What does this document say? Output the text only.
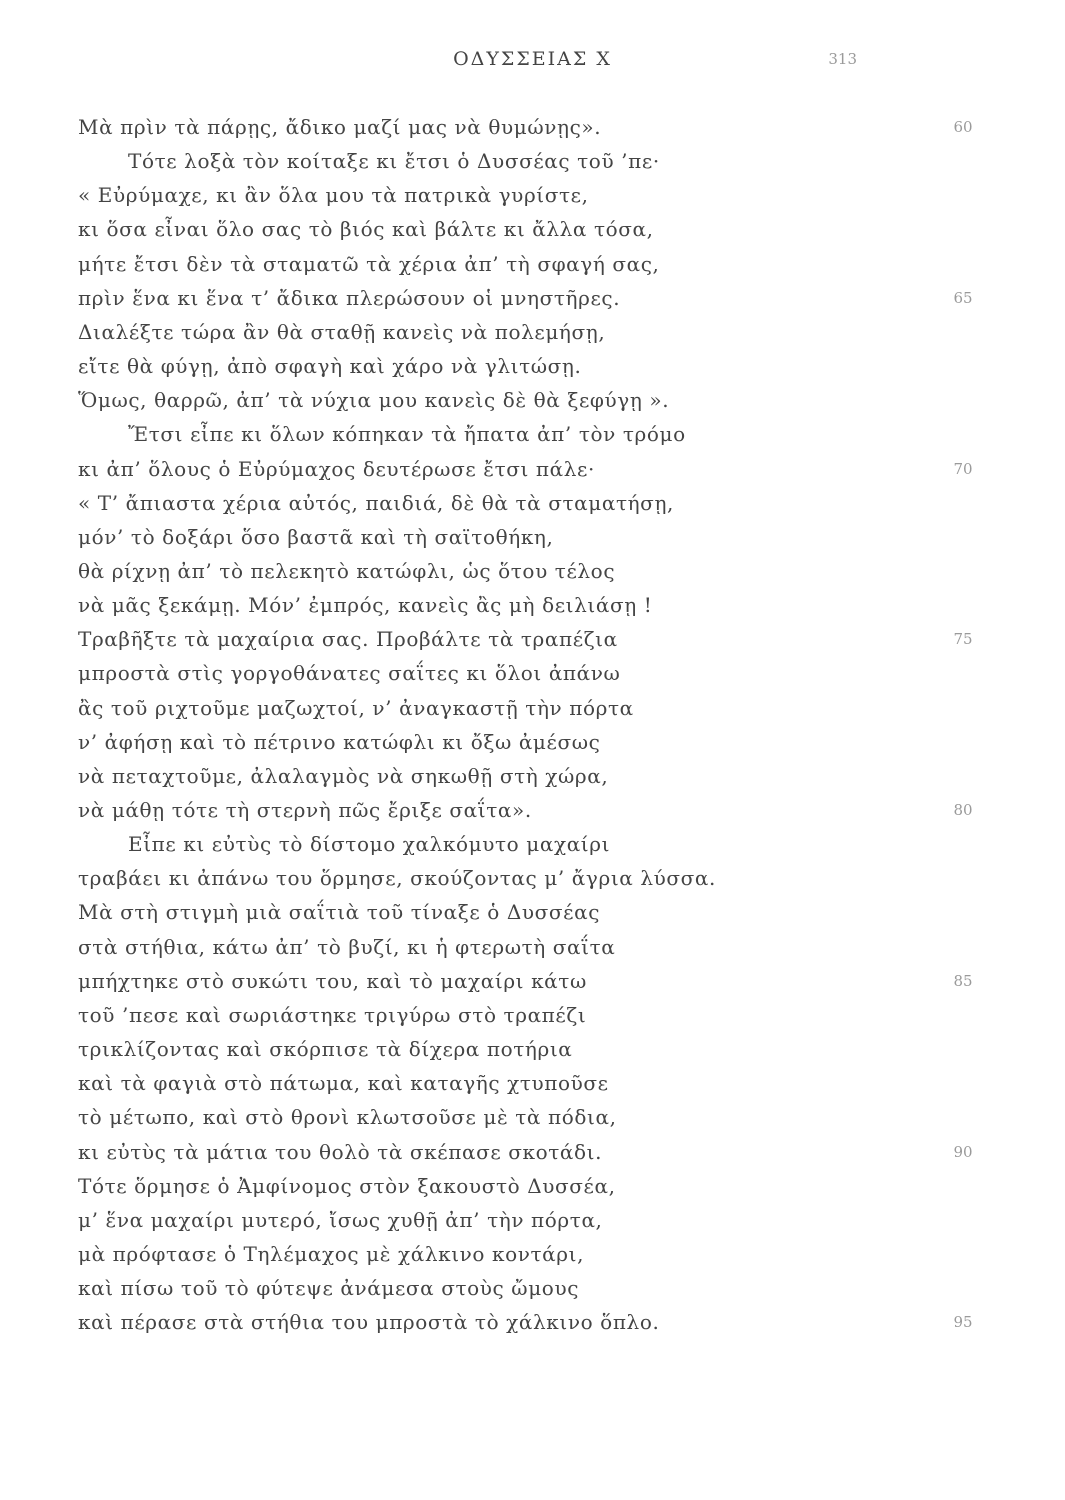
ΟΔΥΣΣΕΙΑΣ Χ	313
Μὰ πρὶν τὰ πάρῃς, ἄδικο μαζί μας νὰ θυμώνῃς».	60
Τότε λοξὰ τὸν κοίταξε κι ἔτσι ὁ Δυσσέας τοῦ ’πε·
« Εὐρύμαχε, κι ἂν ὅλα μου τὰ πατρικὰ γυρίστε,
κι ὅσα εἶναι ὅλο σας τὸ βιός καὶ βάλτε κι ἄλλα τόσα,
μήτε ἔτσι δὲν τὰ σταματῶ τὰ χέρια ἀπ’ τὴ σφαγή σας,
πρὶν ἕνα κι ἕνα τ’ ἄδικα πλερώσουν οἱ μνηστῆρες.	65
Διαλέξτε τώρα ἂν θὰ σταθῇ κανεὶς νὰ πολεμήσῃ,
εἴτε θὰ φύγῃ, ἀπὸ σφαγὴ καὶ χάρο νὰ γλιτώσῃ.
Ὅμως, θαρρῶ, ἀπ’ τὰ νύχια μου κανεὶς δὲ θὰ ξεφύγῃ ».
Ἔτσι εἶπε κι ὅλων κόπηκαν τὰ ἤπατα ἀπ’ τὸν τρόμο
κι ἀπ’ ὅλους ὁ Εὐρύμαχος δευτέρωσε ἔτσι πάλε·	70
« Τ’ ἄπιαστα χέρια αὐτός, παιδιά, δὲ θὰ τὰ σταματήσῃ,
μόν’ τὸ δοξάρι ὅσο βαστᾶ καὶ τὴ σαϊτοθήκη,
θὰ ρίχνῃ ἀπ’ τὸ πελεκητὸ κατώφλι, ὡς ὅτου τέλος
νὰ μᾶς ξεκάμῃ. Μόν’ ἐμπρός, κανεὶς ἂς μὴ δειλιάσῃ !
Τραβῆξτε τὰ μαχαίρια σας. Προβάλτε τὰ τραπέζια	75
μπροστὰ στὶς γοργοθάνατες σαΐτες κι ὅλοι ἀπάνω
ἂς τοῦ ριχτοῦμε μαζωχτοί, ν’ ἀναγκαστῇ τὴν πόρτα
ν’ ἀφήσῃ καὶ τὸ πέτρινο κατώφλι κι ὄξω ἀμέσως
νὰ πεταχτοῦμε, ἀλαλαγμὸς νὰ σηκωθῇ στὴ χώρα,
νὰ μάθῃ τότε τὴ στερνὴ πῶς ἔριξε σαΐτα».	80
Εἶπε κι εὐτὺς τὸ δίστομο χαλκόμυτο μαχαίρι
τραβάει κι ἀπάνω του ὅρμησε, σκούζοντας μ’ ἄγρια λύσσα.
Μὰ στὴ στιγμὴ μιὰ σαΐτιὰ τοῦ τίναξε ὁ Δυσσέας
στὰ στήθια, κάτω ἀπ’ τὸ βυζί, κι ἡ φτερωτὴ σαΐτα
μπήχτηκε στὸ συκώτι του, καὶ τὸ μαχαίρι κάτω	85
τοῦ ’πεσε καὶ σωριάστηκε τριγύρω στὸ τραπέζι
τρικλίζοντας καὶ σκόρπισε τὰ δίχερα ποτήρια
καὶ τὰ φαγιὰ στὸ πάτωμα, καὶ καταγῆς χτυποῦσε
τὸ μέτωπο, καὶ στὸ θρονὶ κλωτσοῦσε μὲ τὰ πόδια,
κι εὐτὺς τὰ μάτια του θολὸ τὰ σκέπασε σκοτάδι.	90
Τότε ὅρμησε ὁ Ἀμφίνομος στὸν ξακουστὸ Δυσσέα,
μ’ ἕνα μαχαίρι μυτερό, ἴσως χυθῇ ἀπ’ τὴν πόρτα,
μὰ πρόφτασε ὁ Τηλέμαχος μὲ χάλκινο κοντάρι,
καὶ πίσω τοῦ τὸ φύτεψε ἀνάμεσα στοὺς ὤμους
καὶ πέρασε στὰ στήθια του μπροστὰ τὸ χάλκινο ὅπλο.	95
